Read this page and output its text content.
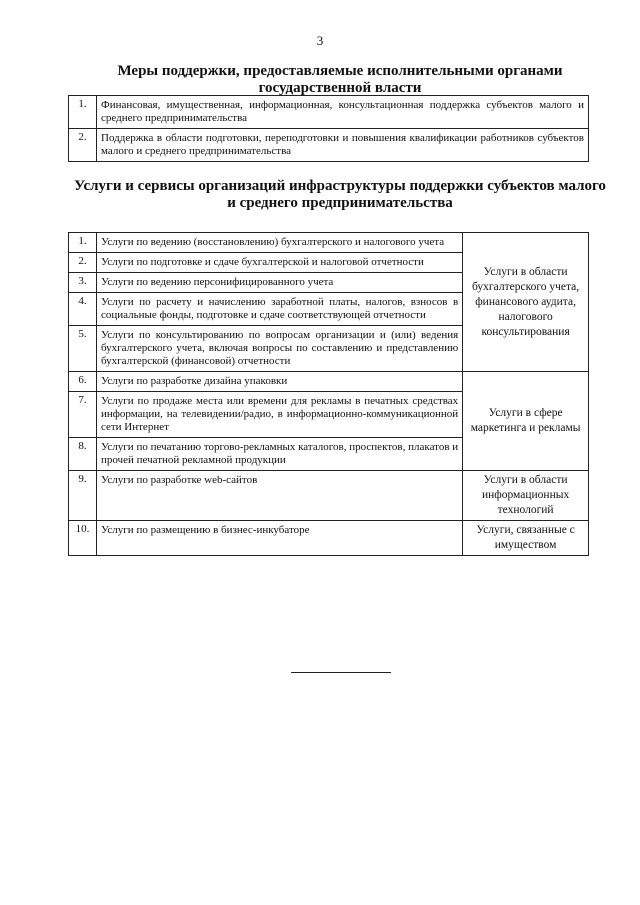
3
Меры поддержки, предоставляемые исполнительными органами государственной власти
1.	Финансовая, имущественная, информационная, консультационная поддержка субъектов малого и среднего предпринимательства
2.	Поддержка в области подготовки, переподготовки и повышения квалификации работников субъектов малого и среднего предпринимательства
Услуги и сервисы организаций инфраструктуры поддержки субъектов малого и среднего предпринимательства
1.	Услуги по ведению (восстановлению) бухгалтерского и налогового учета	Услуги в области бухгалтерского учета, финансового аудита, налогового консультирования
2.	Услуги по подготовке и сдаче бухгалтерской и налоговой отчетности	
3.	Услуги по ведению персонифицированного учета	
4.	Услуги по расчету и начислению заработной платы, налогов, взносов в социальные фонды, подготовке и сдаче соответствующей отчетности	
5.	Услуги по консультированию по вопросам организации и (или) ведения бухгалтерского учета, включая вопросы по составлению и представлению бухгалтерской (финансовой) отчетности	
6.	Услуги по разработке дизайна упаковки	Услуги в сфере маркетинга и рекламы
7.	Услуги по продаже места или времени для рекламы в печатных средствах информации, на телевидении/радио, в информационно-коммуникационной сети Интернет	
8.	Услуги по печатанию торгово-рекламных каталогов, проспектов, плакатов и прочей печатной рекламной продукции	
9.	Услуги по разработке web-сайтов	Услуги в области информационных технологий
10.	Услуги по размещению в бизнес-инкубаторе	Услуги, связанные с имуществом
